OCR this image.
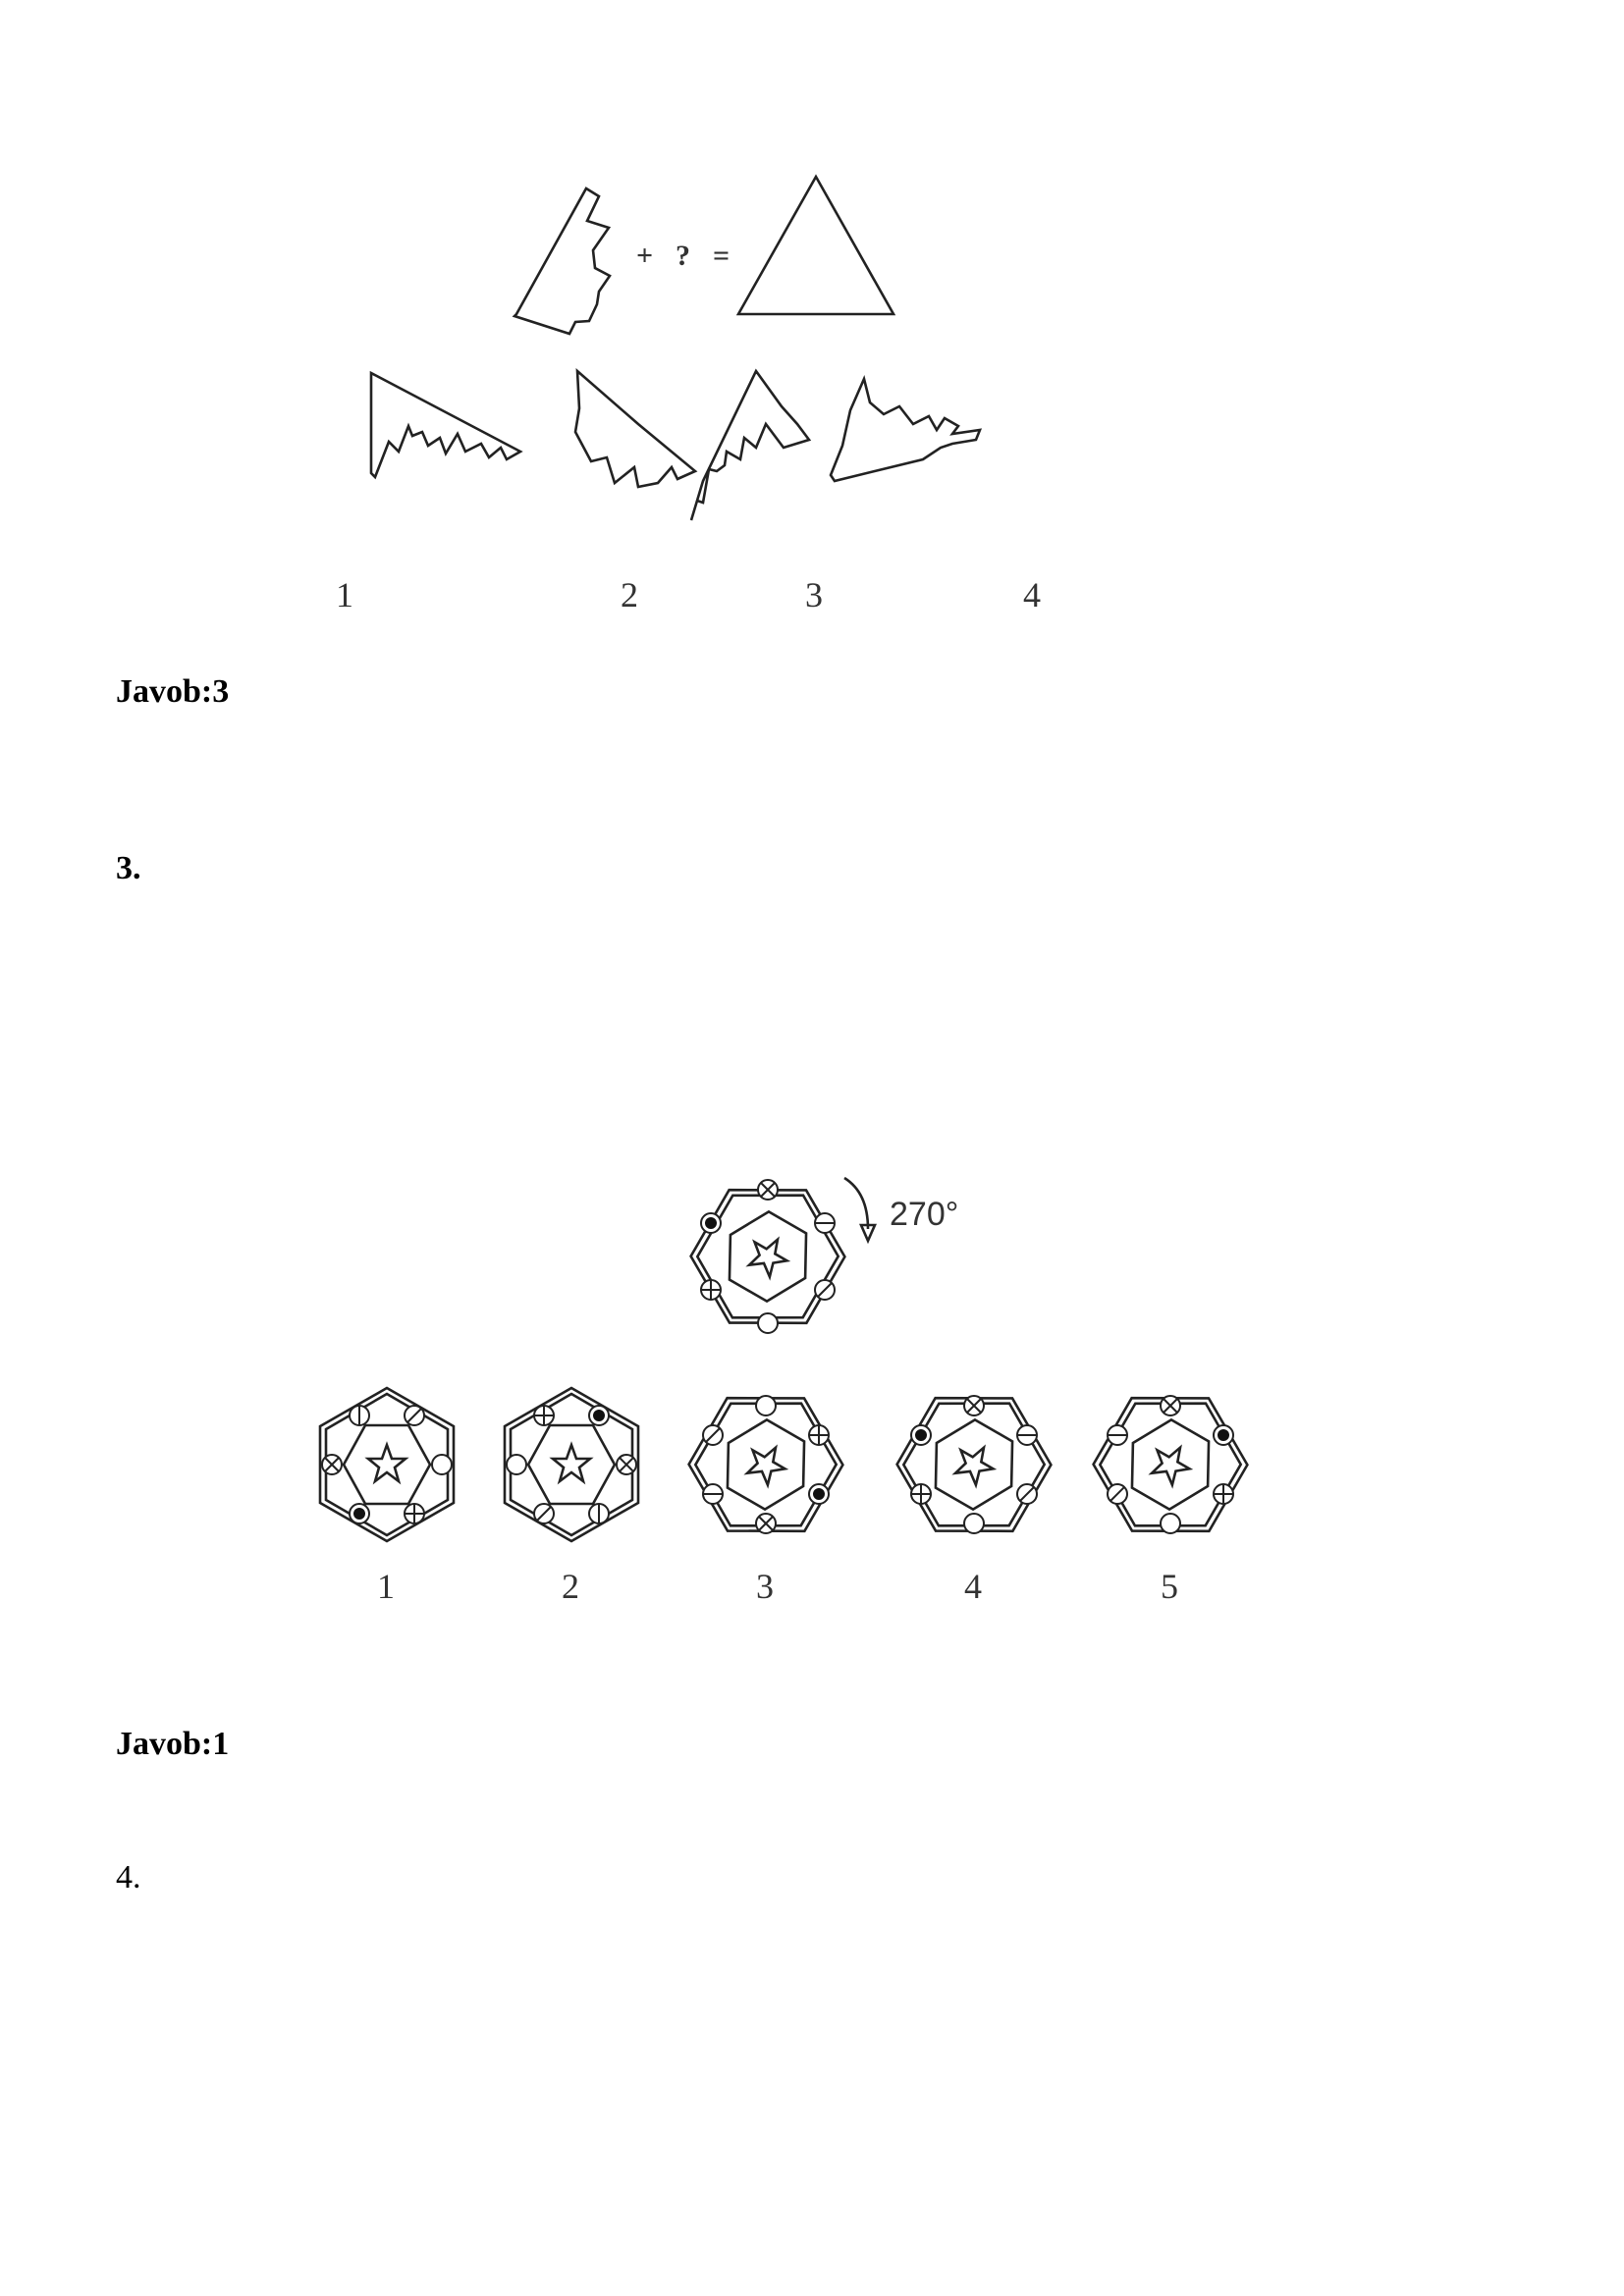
+ ? =
1	2	3	4
Javob:3
3.
270°
1	2	3	4	5
Javob:1
4.
